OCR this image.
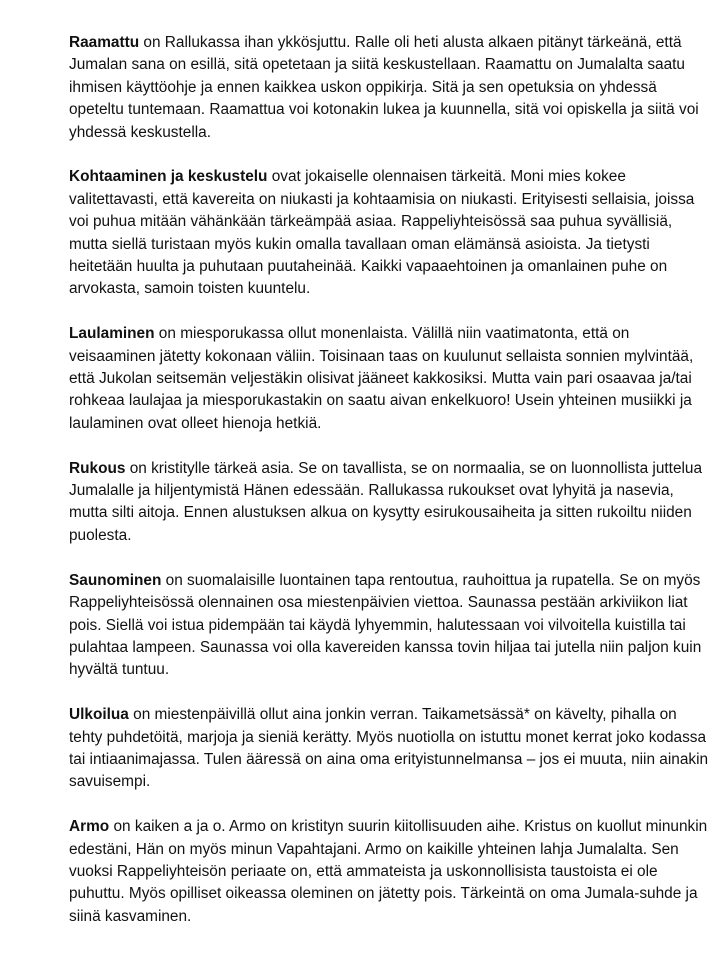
Raamattu on Rallukassa ihan ykkösjuttu. Ralle oli heti alusta alkaen pitänyt tärkeänä, että Jumalan sana on esillä, sitä opetetaan ja siitä keskustellaan. Raamattu on Jumalalta saatu ihmisen käyttöohje ja ennen kaikkea uskon oppikirja. Sitä ja sen opetuksia on yhdessä opeteltu tuntemaan. Raamattua voi kotonakin lukea ja kuunnella, sitä voi opiskella ja siitä voi yhdessä keskustella.

Kohtaaminen ja keskustelu ovat jokaiselle olennaisen tärkeitä. Moni mies kokee valitettavasti, että kavereita on niukasti ja kohtaamisia on niukasti. Erityisesti sellaisia, joissa voi puhua mitään vähänkään tärkeämpää asiaa. Rappeliyhteisössä saa puhua syvällisiä, mutta siellä turistaan myös kukin omalla tavallaan oman elämänsä asioista. Ja tietysti heitetään huulta ja puhutaan puutaheinää. Kaikki vapaaehtoinen ja omanlainen puhe on arvokasta, samoin toisten kuuntelu.

Laulaminen on miesporukassa ollut monenlaista. Välillä niin vaatimatonta, että on veisaaminen jätetty kokonaan väliin. Toisinaan taas on kuulunut sellaista sonnien mylvintää, että Jukolan seitsemän veljestäkin olisivat jääneet kakkosiksi. Mutta vain pari osaavaa ja/tai rohkeaa laulajaa ja miesporukastakin on saatu aivan enkelkuoro! Usein yhteinen musiikki ja laulaminen ovat olleet hienoja hetkiä.

Rukous on kristitylle tärkeä asia. Se on tavallista, se on normaalia, se on luonnollista juttelua Jumalalle ja hiljentymistä Hänen edessään. Rallukassa rukoukset ovat lyhyitä ja nasevia, mutta silti aitoja. Ennen alustuksen alkua on kysytty esirukousaiheita ja sitten rukoiltu niiden puolesta.

Saunominen on suomalaisille luontainen tapa rentoutua, rauhoittua ja rupatella. Se on myös Rappeliyhteisössä olennainen osa miestenpäivien viettoa. Saunassa pestään arkiviikon liat pois. Siellä voi istua pidempään tai käydä lyhyemmin, halutessaan voi vilvoitella kuistilla tai pulahtaa lampeen. Saunassa voi olla kavereiden kanssa tovin hiljaa tai jutella niin paljon kuin hyvältä tuntuu.

Ulkoilua on miestenpäivillä ollut aina jonkin verran. Taikametsässä* on kävelty, pihalla on tehty puhdetöitä, marjoja ja sieniä kerätty. Myös nuotiolla on istuttu monet kerrat joko kodassa tai intiaanimajassa. Tulen ääressä on aina oma erityistunnelmansa – jos ei muuta, niin ainakin savuisempi.

Armo on kaiken a ja o. Armo on kristityn suurin kiitollisuuden aihe. Kristus on kuollut minunkin edestäni, Hän on myös minun Vapahtajani. Armo on kaikille yhteinen lahja Jumalalta. Sen vuoksi Rappeliyhteisön periaate on, että ammateista ja uskonnollisista taustoista ei ole puhuttu. Myös opilliset oikeassa oleminen on jätetty pois. Tärkeintä on oma Jumala-suhde ja siinä kasvaminen.
